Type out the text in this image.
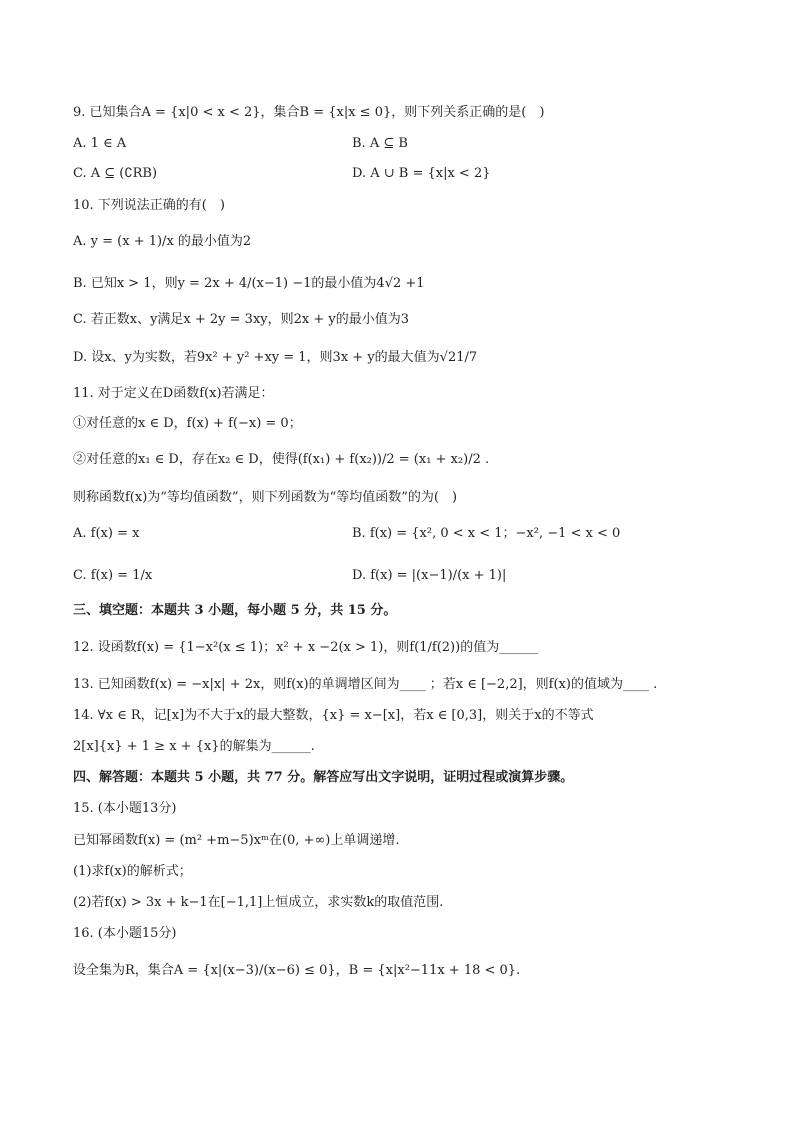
9. 已知集合A = {x|0 < x < 2}，集合B = {x|x ≤ 0}，则下列关系正确的是(　)
A. 1 ∈ A	B. A ⊆ B
C. A ⊆ (∁RB)	D. A ∪ B = {x|x < 2}
10. 下列说法正确的有(　)
A. y = (x + 1)/x 的最小值为2
B. 已知x > 1，则y = 2x + 4/(x−1) −1的最小值为4√2 +1
C. 若正数x、y满足x + 2y = 3xy，则2x + y的最小值为3
D. 设x、y为实数，若9x² + y² +xy = 1，则3x + y的最大值为√21/7
11. 对于定义在D函数f(x)若满足：
①对任意的x ∈ D，f(x) + f(−x) = 0；
②对任意的x₁ ∈ D，存在x₂ ∈ D，使得(f(x₁) + f(x₂))/2 = (x₁ + x₂)/2 .
则称函数f(x)为“等均值函数”，则下列函数为“等均值函数”的为(　)
A. f(x) = x	B. f(x) = {x², 0 < x < 1；−x², −1 < x < 0
C. f(x) = 1/x	D. f(x) = |(x−1)/(x + 1)|
三、填空题：本题共 3 小题，每小题 5 分，共 15 分。
12. 设函数f(x) = {1−x²(x ≤ 1)；x² + x −2(x > 1)，则f(1/f(2))的值为______
13. 已知函数f(x) = −x|x| + 2x，则f(x)的单调增区间为____ ；若x ∈ [−2,2]，则f(x)的值域为____ .
14. ∀x ∈ R，记[x]为不大于x的最大整数，{x} = x−[x]，若x ∈ [0,3]，则关于x的不等式
2[x]{x} + 1 ≥ x + {x}的解集为______.
四、解答题：本题共 5 小题，共 77 分。解答应写出文字说明，证明过程或演算步骤。
15. (本小题13分)
已知幂函数f(x) = (m² +m−5)xᵐ在(0, +∞)上单调递增.
(1)求f(x)的解析式；
(2)若f(x) > 3x + k−1在[−1,1]上恒成立，求实数k的取值范围.
16. (本小题15分)
设全集为R，集合A = {x|(x−3)/(x−6) ≤ 0}，B = {x|x²−11x + 18 < 0}.
